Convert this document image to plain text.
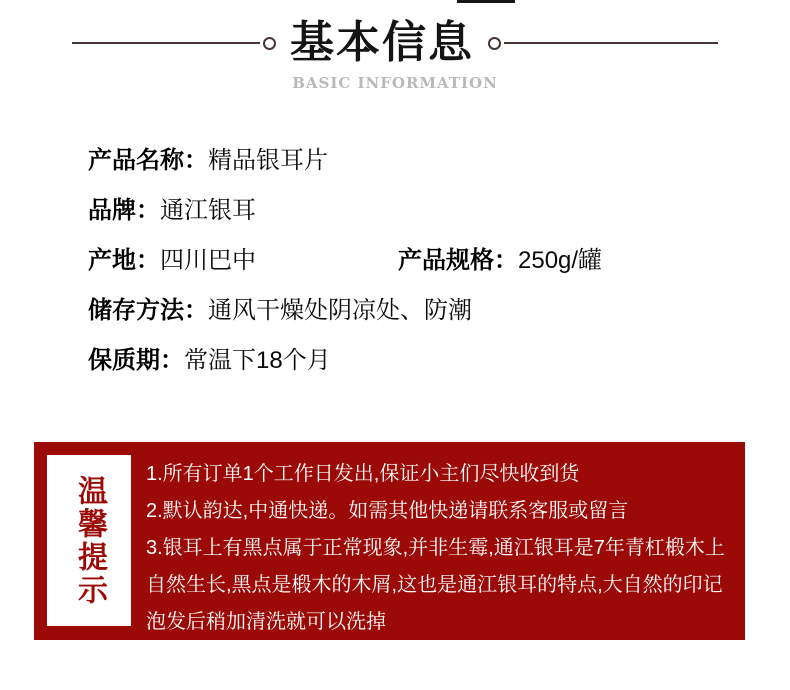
基本信息
BASIC INFORMATION
产品名称：精品银耳片
品牌：通江银耳
产地：四川巴中	产品规格：250g/罐
储存方法：通风干燥处阴凉处、防潮
保质期：常温下18个月
温馨提示

1.所有订单1个工作日发出,保证小主们尽快收到货

2.默认韵达,中通快递。如需其他快递请联系客服或留言

3.银耳上有黑点属于正常现象,并非生霉,通江银耳是7年青杠椴木上自然生长,黑点是椴木的木屑,这也是通江银耳的特点,大自然的印记泡发后稍加清洗就可以洗掉
